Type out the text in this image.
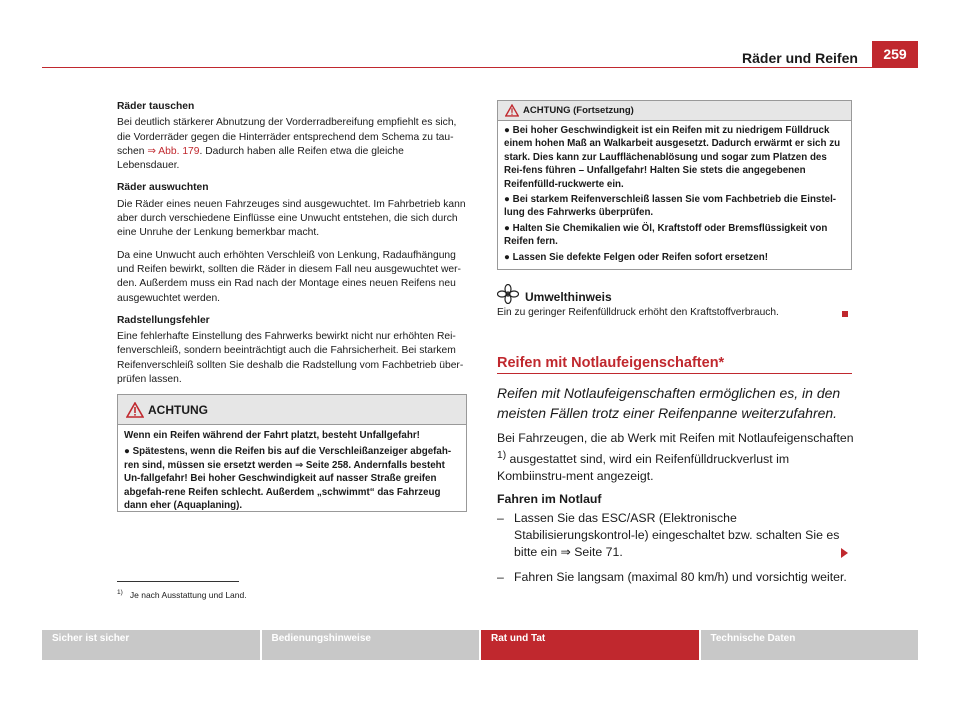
Räder und Reifen	259
Räder tauschen

Bei deutlich stärkerer Abnutzung der Vorderradbereifung empfiehlt es sich, die Vorderräder gegen die Hinterräder entsprechend dem Schema zu tau-schen ⇒ Abb. 179. Dadurch haben alle Reifen etwa die gleiche Lebensdauer.

Räder auswuchten

Die Räder eines neuen Fahrzeuges sind ausgewuchtet. Im Fahrbetrieb kann aber durch verschiedene Einflüsse eine Unwucht entstehen, die sich durch eine Unruhe der Lenkung bemerkbar macht.

Da eine Unwucht auch erhöhten Verschleiß von Lenkung, Radaufhängung und Reifen bewirkt, sollten die Räder in diesem Fall neu ausgewuchtet wer-den. Außerdem muss ein Rad nach der Montage eines neuen Reifens neu ausgewuchtet werden.

Radstellungsfehler

Eine fehlerhafte Einstellung des Fahrwerks bewirkt nicht nur erhöhten Rei-fenverschleiß, sondern beeinträchtigt auch die Fahrsicherheit. Bei starkem Reifenverschleiß sollten Sie deshalb die Radstellung vom Fachbetrieb über-prüfen lassen.

ACHTUNG

Wenn ein Reifen während der Fahrt platzt, besteht Unfallgefahr!

● Spätestens, wenn die Reifen bis auf die Verschleißanzeiger abgefah-ren sind, müssen sie ersetzt werden ⇒ Seite 258. Andernfalls besteht Un-fallgefahr! Bei hoher Geschwindigkeit auf nasser Straße greifen abgefah-rene Reifen schlecht. Außerdem „schwimmt“ das Fahrzeug dann eher (Aquaplaning).

ACHTUNG (Fortsetzung)

● Bei hoher Geschwindigkeit ist ein Reifen mit zu niedrigem Fülldruck einem hohen Maß an Walkarbeit ausgesetzt. Dadurch erwärmt er sich zu stark. Dies kann zur Laufflächenablösung und sogar zum Platzen des Rei-fens führen – Unfallgefahr! Halten Sie stets die angegebenen Reifenfülld-ruckwerte ein.

● Bei starkem Reifenverschleiß lassen Sie vom Fachbetrieb die Einstel-lung des Fahrwerks überprüfen.

● Halten Sie Chemikalien wie Öl, Kraftstoff oder Bremsflüssigkeit von Reifen fern.

● Lassen Sie defekte Felgen oder Reifen sofort ersetzen!

Umwelthinweis
Ein zu geringer Reifenfülldruck erhöht den Kraftstoffverbrauch.
Reifen mit Notlaufeigenschaften*
Reifen mit Notlaufeigenschaften ermöglichen es, in den meisten Fällen trotz einer Reifenpanne weiterzufahren.

Bei Fahrzeugen, die ab Werk mit Reifen mit Notlaufeigenschaften $^{1)}$ ausgestattet sind, wird ein Reifenfülldruckverlust im Kombiinstru-ment angezeigt.

Fahren im Notlauf
– Lassen Sie das ESC/ASR (Elektronische Stabilisierungskontrol-le) eingeschaltet bzw. schalten Sie es bitte ein ⇒ Seite 71.
– Fahren Sie langsam (maximal 80 km/h) und vorsichtig weiter.
$^{1)}$ Je nach Ausstattung und Land.
Sicher ist sicher	Bedienungshinweise	Rat und Tat	Technische Daten
